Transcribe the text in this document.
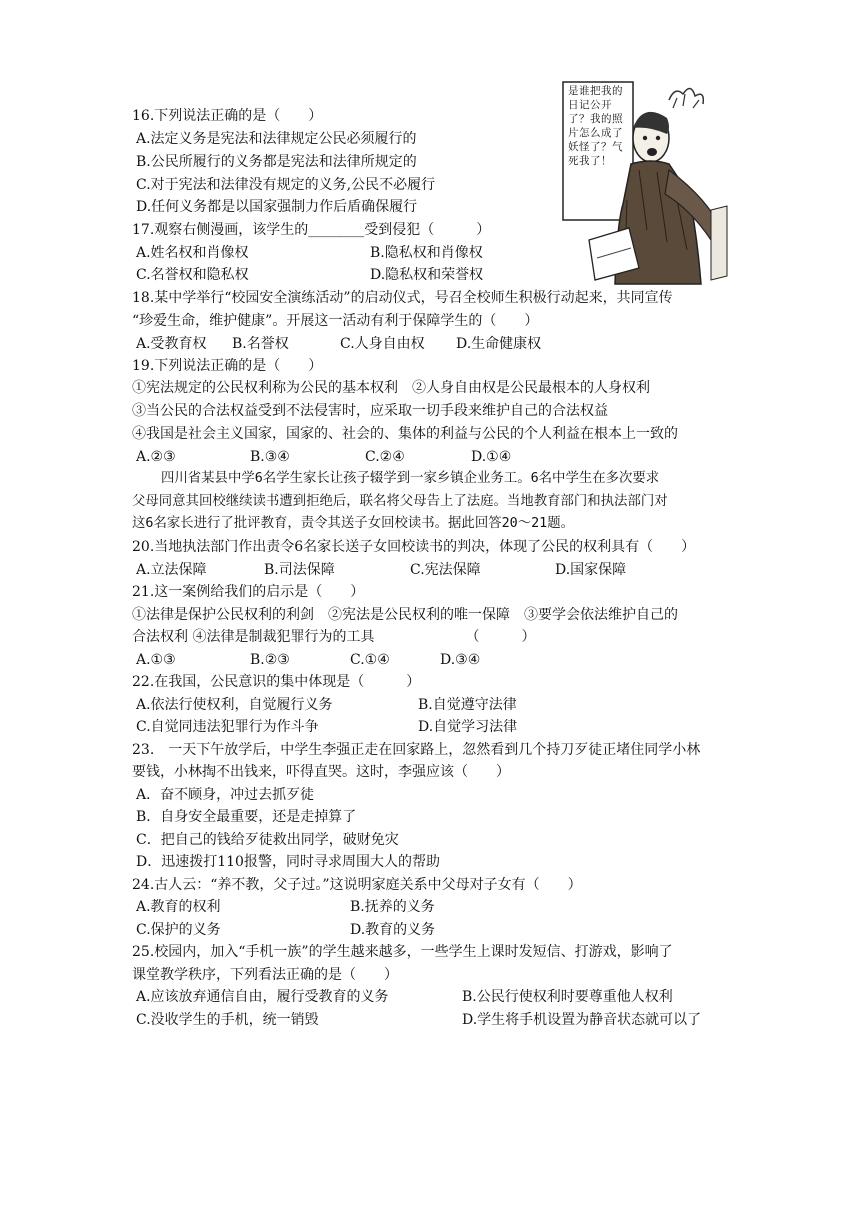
16.下列说法正确的是（　　）
A.法定义务是宪法和法律规定公民必须履行的
B.公民所履行的义务都是宪法和法律所规定的
C.对于宪法和法律没有规定的义务,公民不必履行
D.任何义务都是以国家强制力作后盾确保履行
17.观察右侧漫画，该学生的________受到侵犯（　　　）
A.姓名权和肖像权	B.隐私权和肖像权
C.名誉权和隐私权	D.隐私权和荣誉权
是谁把我的日记公开了？我的照片怎么成了妖怪了？气死我了！
18.某中学举行“校园安全演练活动”的启动仪式，号召全校师生积极行动起来，共同宣传
“珍爱生命，维护健康”。开展这一活动有利于保障学生的（　　）
A.受教育权 B.名誉权	C.人身自由权 D.生命健康权
19.下列说法正确的是（　　）
①宪法规定的公民权利称为公民的基本权利　②人身自由权是公民最根本的人身权利
③当公民的合法权益受到不法侵害时，应采取一切手段来维护自己的合法权益
④我国是社会主义国家，国家的、社会的、集体的利益与公民的个人利益在根本上一致的
A.②③	B.③④	C.②④	D.①④
四川省某县中学6名学生家长让孩子辍学到一家乡镇企业务工。6名中学生在多次要求
父母同意其回校继续读书遭到拒绝后，联名将父母告上了法庭。当地教育部门和执法部门对
这6名家长进行了批评教育，责令其送子女回校读书。据此回答20～21题。
20.当地执法部门作出责令6名家长送子女回校读书的判决，体现了公民的权利具有（　　）
A.立法保障	B.司法保障	C.宪法保障	D.国家保障
21.这一案例给我们的启示是（　　）
①法律是保护公民权利的利剑　②宪法是公民权利的唯一保障　③要学会依法维护自己的
合法权利 ④法律是制裁犯罪行为的工具　　　　　　　（　　　）
A.①③	B.②③	C.①④	D.③④
22.在我国，公民意识的集中体现是（　　　）
A.依法行使权利，自觉履行义务	B.自觉遵守法律
C.自觉同违法犯罪行为作斗争	D.自觉学习法律
23.　一天下午放学后，中学生李强正走在回家路上，忽然看到几个持刀歹徒正堵住同学小林
要钱，小林掏不出钱来，吓得直哭。这时，李强应该（　　）
A．奋不顾身，冲过去抓歹徒
B．自身安全最重要，还是走掉算了
C．把自己的钱给歹徒救出同学，破财免灾
D．迅速拨打110报警，同时寻求周围大人的帮助
24.古人云：“养不教，父子过。”这说明家庭关系中父母对子女有（　　）
A.教育的权利	B.抚养的义务
C.保护的义务	D.教育的义务
25.校园内，加入“手机一族”的学生越来越多，一些学生上课时发短信、打游戏，影响了
课堂教学秩序，下列看法正确的是（　　）
A.应该放弃通信自由，履行受教育的义务	B.公民行使权利时要尊重他人权利
C.没收学生的手机，统一销毁	D.学生将手机设置为静音状态就可以了
